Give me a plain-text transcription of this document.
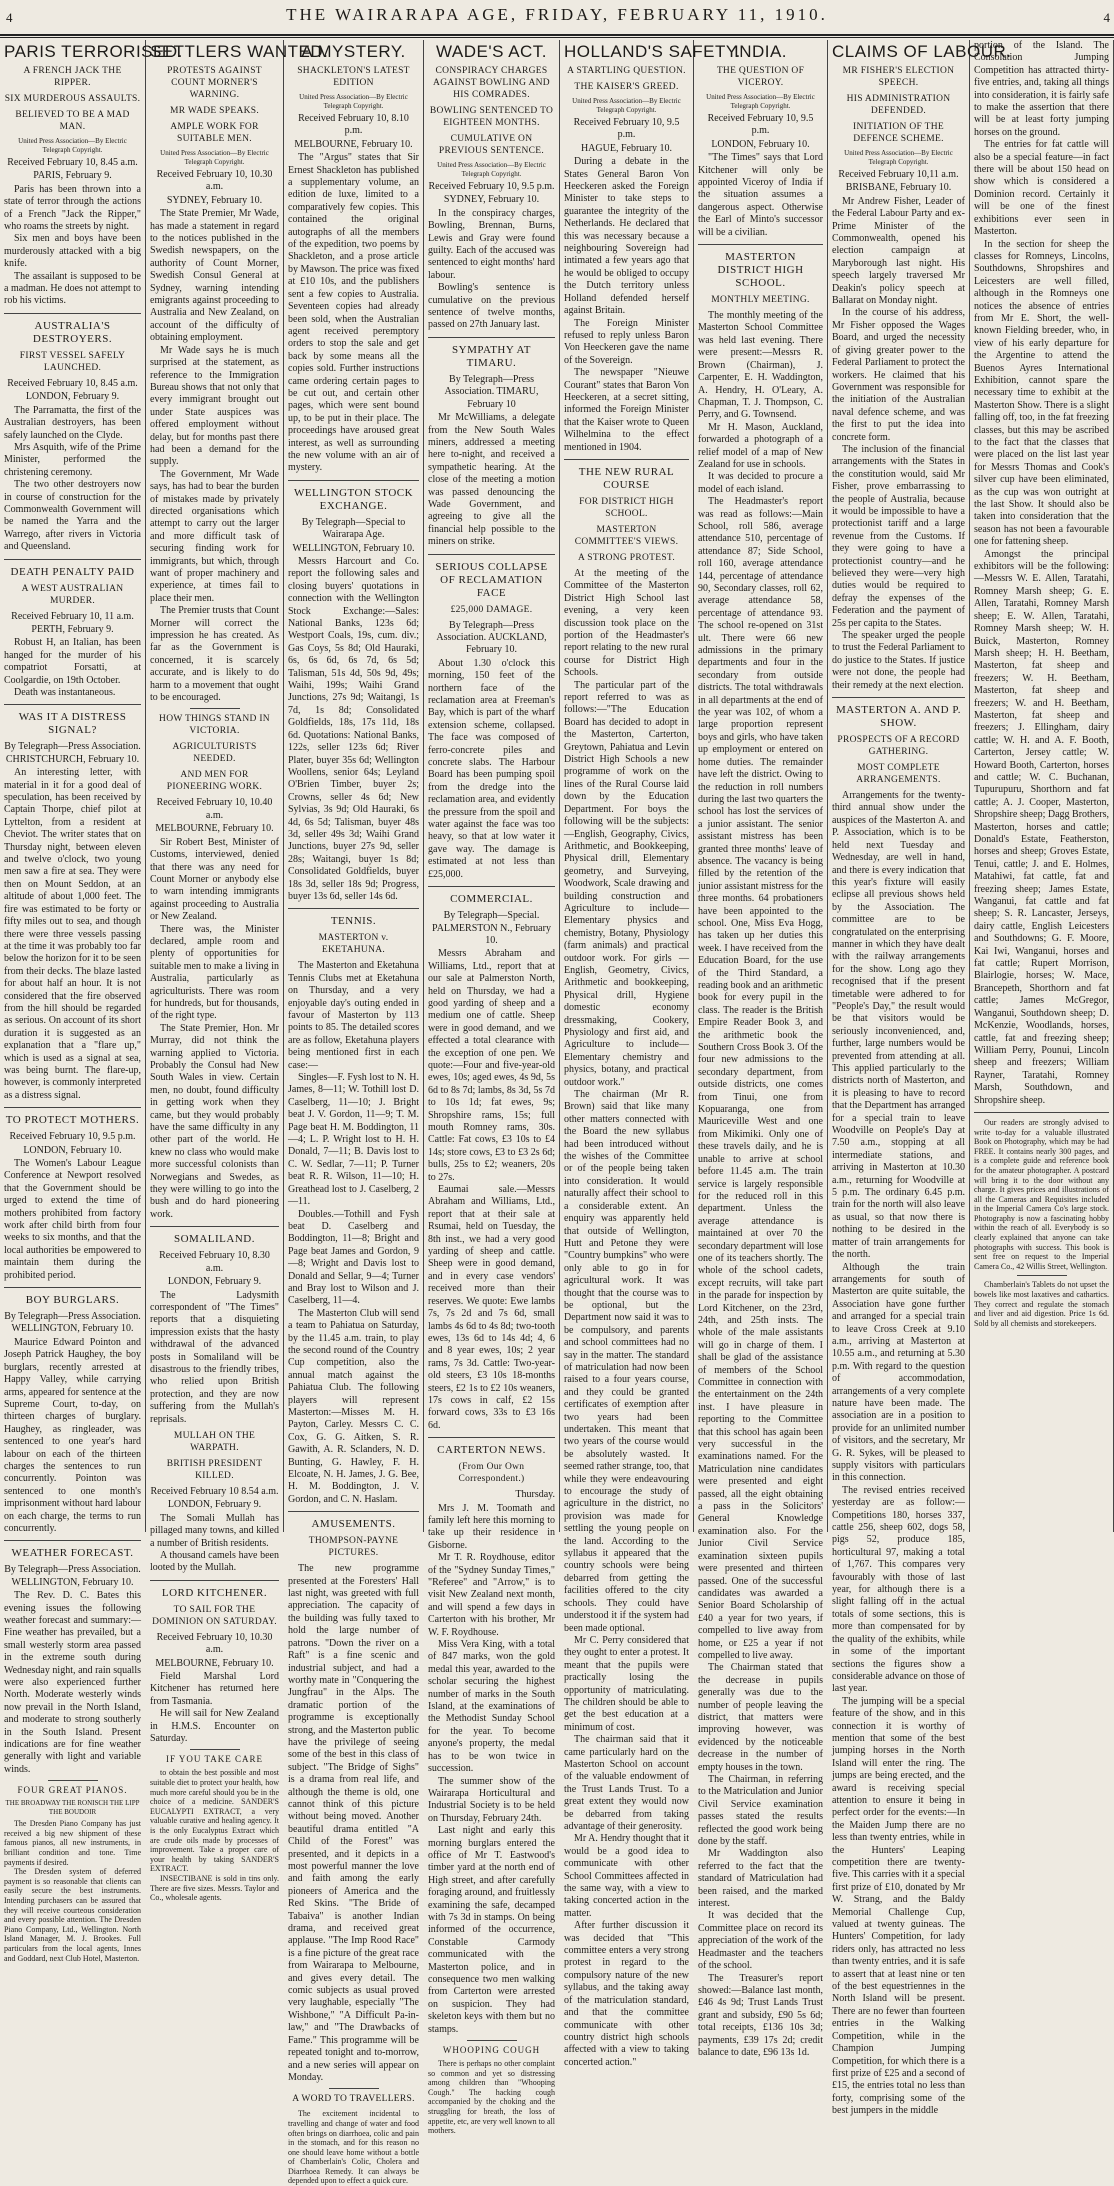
4	THE WAIRARAPA AGE, FRIDAY, FEBRUARY 11, 1910.	4
PARIS TERRORISED.
A FRENCH JACK THE RIPPER.
SIX MURDEROUS ASSAULTS.
BELIEVED TO BE A MAD MAN.
United Press Association—By Electric Telegraph Copyright.
Received February 10, 8.45 a.m.
PARIS, February 9.

Paris has been thrown into a state of terror through the actions of a French "Jack the Ripper," who roams the streets by night.

Six men and boys have been murderously attacked with a big knife.

The assailant is supposed to be a madman. He does not attempt to rob his victims.

AUSTRALIA'S DESTROYERS.
FIRST VESSEL SAFELY LAUNCHED.
Received February 10, 8.45 a.m.
LONDON, February 9.

The Parramatta, the first of the Australian destroyers, has been safely launched on the Clyde.

Mrs Asquith, wife of the Prime Minister, performed the christening ceremony.

The two other destroyers now in course of construction for the Commonwealth Government will be named the Yarra and the Warrego, after rivers in Victoria and Queensland.

DEATH PENALTY PAID
A WEST AUSTRALIAN MURDER.
Received February 10, 11 a.m.
PERTH, February 9.

Robust H, an Italian, has been hanged for the murder of his compatriot Forsatti, at Coolgardie, on 19th October.

Death was instantaneous.

WAS IT A DISTRESS SIGNAL?
By Telegraph—Press Association. CHRISTCHURCH, February 10.

An interesting letter, with material in it for a good deal of speculation, has been received by Captain Thorpe, chief pilot at Lyttelton, from a resident at Cheviot. The writer states that on Thursday night, between eleven and twelve o'clock, two young men saw a fire at sea. They were then on Mount Seddon, at an altitude of about 1,000 feet. The fire was estimated to be forty or fifty miles out to sea, and though there were three vessels passing at the time it was probably too far below the horizon for it to be seen from their decks. The blaze lasted for about half an hour. It is not considered that the fire observed from the hill should be regarded as serious. On account of its short duration it is suggested as an explanation that a "flare up," which is used as a signal at sea, was being burnt. The flare-up, however, is commonly interpreted as a distress signal.

TO PROTECT MOTHERS.
Received February 10, 9.5 p.m.
LONDON, February 10.

The Women's Labour League Conference at Newport resolved that the Government should be urged to extend the time of mothers prohibited from factory work after child birth from four weeks to six months, and that the local authorities be empowered to maintain them during the prohibited period.

BOY BURGLARS.
By Telegraph—Press Association. WELLINGTON, February 10.

Maurice Edward Pointon and Joseph Patrick Haughey, the boy burglars, recently arrested at Happy Valley, while carrying arms, appeared for sentence at the Supreme Court, to-day, on thirteen charges of burglary. Haughey, as ringleader, was sentenced to one year's hard labour on each of the thirteen charges the sentences to run concurrently. Pointon was sentenced to one month's imprisonment without hard labour on each charge, the terms to run concurrently.

WEATHER FORECAST.
By Telegraph—Press Association. WELLINGTON, February 10.

The Rev. D. C. Bates this evening issues the following weather forecast and summary:—Fine weather has prevailed, but a small westerly storm area passed in the extreme south during Wednesday night, and rain squalls were also experienced further North. Moderate westerly winds now prevail in the North Island, and moderate to strong southerly in the South Island. Present indications are for fine weather generally with light and variable winds.

FOUR GREAT PIANOS.
THE BROADWAY THE RONISCH THE LIPP THE BOUDOIR

The Dresden Piano Company has just received a big new shipment of these famous pianos, all new instruments, in brilliant condition and tone. Time payments if desired.

The Dresden system of deferred payment is so reasonable that clients can easily secure the best instruments. Intending purchasers can be assured that they will receive courteous consideration and every possible attention. The Dresden Piano Company, Ltd., Wellington. North Island Manager, M. J. Brookes. Full particulars from the local agents, Innes and Goddard, next Club Hotel, Masterton.

SETTLERS WANTED.
PROTESTS AGAINST COUNT MORNER'S WARNING.
MR WADE SPEAKS.
AMPLE WORK FOR SUITABLE MEN.
United Press Association—By Electric Telegraph Copyright.
Received February 10, 10.30 a.m.
SYDNEY, February 10.

The State Premier, Mr Wade, has made a statement in regard to the notices published in the Swedish newspapers, on the authority of Count Morner, Swedish Consul General at Sydney, warning intending emigrants against proceeding to Australia and New Zealand, on account of the difficulty of obtaining employment.

Mr Wade says he is much surprised at the statement, as reference to the Immigration Bureau shows that not only that every immigrant brought out under State auspices was offered employment without delay, but for months past there had been a demand for the supply.

The Government, Mr Wade says, has had to bear the burden of mistakes made by privately directed organisations which attempt to carry out the larger and more difficult task of securing finding work for immigrants, but which, through want of proper machinery and experience, at times fail to place their men.

The Premier trusts that Count Morner will correct the impression he has created. As far as the Government is concerned, it is scarcely accurate, and is likely to do harm to a movement that ought to be encouraged.

HOW THINGS STAND IN VICTORIA.
AGRICULTURISTS NEEDED.
AND MEN FOR PIONEERING WORK.
Received February 10, 10.40 a.m.
MELBOURNE, February 10.

Sir Robert Best, Minister of Customs, interviewed, denied that there was any need for Count Morner or anybody else to warn intending immigrants against proceeding to Australia or New Zealand.

There was, the Minister declared, ample room and plenty of opportunities for suitable men to make a living in Australia, particularly as agriculturists. There was room for hundreds, but for thousands, of the right type.

The State Premier, Hon. Mr Murray, did not think the warning applied to Victoria. Probably the Consul had New South Wales in view. Certain men, no doubt, found difficulty in getting work when they came, but they would probably have the same difficulty in any other part of the world. He knew no class who would make more successful colonists than Norwegians and Swedes, as they were willing to go into the bush and do hard pioneering work.

SOMALILAND.
Received February 10, 8.30 a.m.
LONDON, February 9.

The Ladysmith correspondent of "The Times" reports that a disquieting impression exists that the hasty withdrawal of the advanced posts in Somaliland will be disastrous to the friendly tribes, who relied upon British protection, and they are now suffering from the Mullah's reprisals.

MULLAH ON THE WARPATH.
BRITISH PRESIDENT KILLED.
Received February 10 8.54 a.m.
LONDON, February 9.

The Somali Mullah has pillaged many towns, and killed a number of British residents.

A thousand camels have been looted by the Mullah.

LORD KITCHENER.
TO SAIL FOR THE DOMINION ON SATURDAY.
Received February 10, 10.30 a.m.
MELBOURNE, February 10.

Field Marshal Lord Kitchener has returned here from Tasmania.

He will sail for New Zealand in H.M.S. Encounter on Saturday.

IF YOU TAKE CARE

to obtain the best possible and most suitable diet to protect your health, how much more careful should you be in the choice of a medicine. SANDER'S EUCALYPTI EXTRACT, a very valuable curative and healing agency. It is the only Eucalyptus Extract which are crude oils made by processes of improvement. Take a proper care of your health by taking SANDER'S EXTRACT.

INSECTIBANE is sold in tins only. There are five sizes. Messrs. Taylor and Co., wholesale agents.

A MYSTERY.
SHACKLETON'S LATEST EDITION
United Press Association—By Electric Telegraph Copyright.
Received February 10, 8.10 p.m.
MELBOURNE, February 10.

The "Argus" states that Sir Ernest Shackleton has published a supplementary volume, an edition de luxe, limited to a comparatively few copies. This contained the original autographs of all the members of the expedition, two poems by Shackleton, and a prose article by Mawson. The price was fixed at £10 10s, and the publishers sent a few copies to Australia. Seventeen copies had already been sold, when the Australian agent received peremptory orders to stop the sale and get back by some means all the copies sold. Further instructions came ordering certain pages to be cut out, and certain other pages, which were sent bound up, to be put in their place. The proceedings have aroused great interest, as well as surrounding the new volume with an air of mystery.

WELLINGTON STOCK EXCHANGE.
By Telegraph—Special to Wairarapa Age.
WELLINGTON, February 10.

Messrs Harcourt and Co. report the following sales and closing buyers' quotations in connection with the Wellington Stock Exchange:—Sales: National Banks, 123s 6d; Westport Coals, 19s, cum. div.; Gas Coys, 5s 8d; Old Hauraki, 6s, 6s 6d, 6s 7d, 6s 5d; Talisman, 51s 4d, 50s 9d, 49s; Waihi, 199s; Waihi Grand Junctions, 27s 9d; Waitangi, 1s 7d, 1s 8d; Consolidated Goldfields, 18s, 17s 11d, 18s 6d. Quotations: National Banks, 122s, seller 123s 6d; River Plater, buyer 35s 6d; Wellington Woollens, senior 64s; Leyland O'Brien Timber, buyer 2s; Crowns, seller 4s 6d; New Sylvias, 3s 9d; Old Hauraki, 6s 4d, 6s 5d; Talisman, buyer 48s 3d, seller 49s 3d; Waihi Grand Junctions, buyer 27s 9d, seller 28s; Waitangi, buyer 1s 8d; Consolidated Goldfields, buyer 18s 3d, seller 18s 9d; Progress, buyer 13s 6d, seller 14s 6d.

TENNIS.
MASTERTON v. EKETAHUNA.

The Masterton and Eketahuna Tennis Clubs met at Eketahuna on Thursday, and a very enjoyable day's outing ended in favour of Masterton by 113 points to 85. The detailed scores are as follow, Eketahuna players being mentioned first in each case:—

Singles—F. Fysh lost to N. H. James, 8—11; W. Tothill lost D. Caselberg, 11—10; J. Bright beat J. V. Gordon, 11—9; T. M. Page beat H. M. Boddington, 11—4; L. P. Wright lost to H. H. Donald, 7—11; B. Davis lost to C. W. Sedlar, 7—11; P. Turner beat R. R. Wilson, 11—10; H. Greathead lost to J. Caselberg, 2—11.

Doubles.—Tothill and Fysh beat D. Caselberg and Boddington, 11—8; Bright and Page beat James and Gordon, 9—8; Wright and Davis lost to Donald and Sellar, 9—4; Turner and Bray lost to Wilson and J. Caselberg, 11—4.

The Masterton Club will send a team to Pahiatua on Saturday, by the 11.45 a.m. train, to play the second round of the Country Cup competition, also the annual match against the Pahiatua Club. The following players will represent Masterton:—Misses M. H. Payton, Carley. Messrs C. C. Cox, G. G. Aitken, S. R. Gawith, A. R. Sclanders, N. D. Bunting, G. Hawley, F. H. Elcoate, N. H. James, J. G. Bee, H. M. Boddington, J. V. Gordon, and C. N. Haslam.

AMUSEMENTS.
THOMPSON-PAYNE PICTURES.

The new programme presented at the Foresters' Hall last night, was greeted with full appreciation. The capacity of the building was fully taxed to hold the large number of patrons. "Down the river on a Raft" is a fine scenic and industrial subject, and had a worthy mate in "Conquering the Jungfrau" in the Alps. The dramatic portion of the programme is exceptionally strong, and the Masterton public have the privilege of seeing some of the best in this class of subject. "The Bridge of Sighs" is a drama from real life, and although the theme is old, one cannot think of this picture without being moved. Another beautiful drama entitled "A Child of the Forest" was presented, and it depicts in a most powerful manner the love and faith among the early pioneers of America and the Red Skins. "The Bride of Tabaiva" is another Indian drama, and received great applause. "The Imp Rood Race" is a fine picture of the great race from Wairarapa to Melbourne, and gives every detail. The comic subjects as usual proved very laughable, especially "The Wishbone," "A Difficult Pa-in-law," and "The Drawbacks of Fame." This programme will be repeated tonight and to-morrow, and a new series will appear on Monday.

A WORD TO TRAVELLERS.

The excitement incidental to travelling and change of water and food often brings on diarrhoea, colic and pain in the stomach, and for this reason no one should leave home without a bottle of Chamberlain's Colic, Cholera and Diarrhoea Remedy. It can always be depended upon to effect a quick cure.

WADE'S ACT.
CONSPIRACY CHARGES AGAINST BOWLING AND HIS COMRADES.
BOWLING SENTENCED TO EIGHTEEN MONTHS.
CUMULATIVE ON PREVIOUS SENTENCE.
United Press Association—By Electric Telegraph Copyright.
Received February 10, 9.5 p.m.
SYDNEY, February 10.

In the conspiracy charges, Bowling, Brennan, Burns, Lewis and Gray were found guilty. Each of the accused was sentenced to eight months' hard labour.

Bowling's sentence is cumulative on the previous sentence of twelve months, passed on 27th January last.

SYMPATHY AT TIMARU.
By Telegraph—Press Association. TIMARU, February 10

Mr McWilliams, a delegate from the New South Wales miners, addressed a meeting here to-night, and received a sympathetic hearing. At the close of the meeting a motion was passed denouncing the Wade Government, and agreeing to give all the financial help possible to the miners on strike.

SERIOUS COLLAPSE OF RECLAMATION FACE
£25,000 DAMAGE.
By Telegraph—Press Association. AUCKLAND, February 10.

About 1.30 o'clock this morning, 150 feet of the northern face of the reclamation area at Freeman's Bay, which is part of the wharf extension scheme, collapsed. The face was composed of ferro-concrete piles and concrete slabs. The Harbour Board has been pumping spoil from the dredge into the reclamation area, and evidently the pressure from the spoil and water against the face was too heavy, so that at low water it gave way. The damage is estimated at not less than £25,000.

COMMERCIAL.
By Telegraph—Special. PALMERSTON N., February 10.

Messrs Abraham and Williams, Ltd., report that at our sale at Palmerston North, held on Thursday, we had a good yarding of sheep and a medium one of cattle. Sheep were in good demand, and we effected a total clearance with the exception of one pen. We quote:—Four and five-year-old ewes, 10s; aged ewes, 4s 9d, 5s 6d to 8s 7d; lambs, 8s 3d, 5s 7d to 10s 1d; fat ewes, 9s; Shropshire rams, 15s; full mouth Romney rams, 30s. Cattle: Fat cows, £3 10s to £4 14s; store cows, £3 to £3 2s 6d; bulls, 25s to £2; weaners, 20s to 27s.

Eaumai sale.—Messrs Abraham and Williams, Ltd., report that at their sale at Rsumai, held on Tuesday, the 8th inst., we had a very good yarding of sheep and cattle. Sheep were in good demand, and in every case vendors' received more than their reserves. We quote: Ewe lambs 7s, 7s 2d and 7s 6d, small lambs 4s 6d to 4s 8d; two-tooth ewes, 13s 6d to 14s 4d; 4, 6 and 8 year ewes, 10s; 2 year rams, 7s 3d. Cattle: Two-year-old steers, £3 10s 18-months steers, £2 1s to £2 10s weaners, 17s cows in calf, £2 15s forward cows, 33s to £3 16s 6d.

CARTERTON NEWS.
(From Our Own Correspondent.)
Thursday.

Mrs J. M. Toomath and family left here this morning to take up their residence in Gisborne.

Mr T. R. Roydhouse, editor of the "Sydney Sunday Times," "Referee" and "Arrow," is to visit New Zealand next month, and will spend a few days in Carterton with his brother, Mr W. F. Roydhouse.

Miss Vera King, with a total of 847 marks, won the gold medal this year, awarded to the scholar securing the highest number of marks in the South Island, at the examinations of the Methodist Sunday School for the year. To become anyone's property, the medal has to be won twice in succession.

The summer show of the Wairarapa Horticultural and Industrial Society is to be held on Thursday, February 24th.

Last night and early this morning burglars entered the office of Mr T. Eastwood's timber yard at the north end of High street, and after carefully foraging around, and fruitlessly examining the safe, decamped with 7s 3d in stamps. On being informed of the occurrence, Constable Carmody communicated with the Masterton police, and in consequence two men walking from Carterton were arrested on suspicion. They had skeleton keys with them but no stamps.

WHOOPING COUGH

There is perhaps no other complaint so common and yet so distressing among children than "Whooping Cough." The hacking cough accompanied by the choking and the struggling for breath, the loss of appetite, etc, are very well known to all mothers.

HOLLAND'S SAFETY.
A STARTLING QUESTION.
THE KAISER'S GREED.
United Press Association—By Electric Telegraph Copyright.
Received February 10, 9.5 p.m.
HAGUE, February 10.

During a debate in the States General Baron Von Heeckeren asked the Foreign Minister to take steps to guarantee the integrity of the Netherlands. He declared that this was necessary because a neighbouring Sovereign had intimated a few years ago that he would be obliged to occupy the Dutch territory unless Holland defended herself against Britain.

The Foreign Minister refused to reply unless Baron Von Heeckeren gave the name of the Sovereign.

The newspaper "Nieuwe Courant" states that Baron Von Heeckeren, at a secret sitting, informed the Foreign Minister that the Kaiser wrote to Queen Wilhelmina to the effect mentioned in 1904.

THE NEW RURAL COURSE
FOR DISTRICT HIGH SCHOOL.
MASTERTON COMMITTEE'S VIEWS.
A STRONG PROTEST.

At the meeting of the Committee of the Masterton District High School last evening, a very keen discussion took place on the portion of the Headmaster's report relating to the new rural course for District High Schools.

The particular part of the report referred to was as follows:—"The Education Board has decided to adopt in the Masterton, Carterton, Greytown, Pahiatua and Levin District High Schools a new programme of work on the lines of the Rural Course laid down by the Education Department. For boys the following will be the subjects:—English, Geography, Civics, Arithmetic, and Bookkeeping, Physical drill, Elementary geometry, and Surveying, Woodwork, Scale drawing and building construction and Agriculture to include—Elementary physics and chemistry, Botany, Physiology (farm animals) and practical outdoor work. For girls —English, Geometry, Civics, Arithmetic and bookkeeping, Physical drill, Hygiene domestic economy dressmaking, Cookery, Physiology and first aid, and Agriculture to include—Elementary chemistry and physics, botany, and practical outdoor work."

The chairman (Mr R. Brown) said that like many other matters connected with the Board the new syllabus had been introduced without the wishes of the Committee or of the people being taken into consideration. It would naturally affect their school to a considerable extent. An enquiry was apparently held that outside of Wellington, Hutt and Petone they were "Country bumpkins" who were only able to go in for agricultural work. It was thought that the course was to be optional, but the Department now said it was to be compulsory, and parents and school committees had no say in the matter. The standard of matriculation had now been raised to a four years course, and they could be granted certificates of exemption after two years had been undertaken. This meant that two years of the course would be absolutely wasted. It seemed rather strange, too, that while they were endeavouring to encourage the study of agriculture in the district, no provision was made for settling the young people on the land. According to the syllabus it appeared that the country schools were being debarred from getting the facilities offered to the city schools. They could have understood it if the system had been made optional.

Mr C. Perry considered that they ought to enter a protest. It meant that the pupils were practically losing the opportunity of matriculating. The children should be able to get the best education at a minimum of cost.

The chairman said that it came particularly hard on the Masterton School on account of the valuable endowment of the Trust Lands Trust. To a great extent they would now be debarred from taking advantage of their generosity.

Mr A. Hendry thought that it would be a good idea to communicate with other School Committees affected in the same way, with a view to taking concerted action in the matter.

After further discussion it was decided that "This committee enters a very strong protest in regard to the compulsory nature of the new syllabus, and the taking away of the matriculation standard, and that the committee communicate with other country district high schools affected with a view to taking concerted action."

INDIA.
THE QUESTION OF VICEROY.
United Press Association—By Electric Telegraph Copyright.
Received February 10, 9.5 p.m.
LONDON, February 10.

"The Times" says that Lord Kitchener will only be appointed Viceroy of India if the situation assumes a dangerous aspect. Otherwise the Earl of Minto's successor will be a civilian.

MASTERTON DISTRICT HIGH SCHOOL.
MONTHLY MEETING.

The monthly meeting of the Masterton School Committee was held last evening. There were present:—Messrs R. Brown (Chairman), J. Carpenter, E. H. Waddington, A. Hendry, H. O'Leary, A. Chapman, T. J. Thompson, C. Perry, and G. Townsend.

Mr H. Mason, Auckland, forwarded a photograph of a relief model of a map of New Zealand for use in schools.

It was decided to procure a model of each island.

The Headmaster's report was read as follows:—Main School, roll 586, average attendance 510, percentage of attendance 87; Side School, roll 160, average attendance 144, percentage of attendance 90, Secondary classes, roll 62, average attendance 58, percentage of attendance 93. The school re-opened on 31st ult. There were 66 new admissions in the primary departments and four in the secondary from outside districts. The total withdrawals in all departments at the end of the year was 102, of whom a large proportion represent boys and girls, who have taken up employment or entered on home duties. The remainder have left the district. Owing to the reduction in roll numbers during the last two quarters the school has lost the services of a junior assistant. The senior assistant mistress has been granted three months' leave of absence. The vacancy is being filled by the retention of the junior assistant mistress for the three months. 64 probationers have been appointed to the school. One, Miss Eva Hogg, has taken up her duties this week. I have received from the Education Board, for the use of the Third Standard, a reading book and an arithmetic book for every pupil in the class. The reader is the British Empire Reader Book 3, and the arithmetic book the Southern Cross Book 3. Of the four new admissions to the secondary department, from outside districts, one comes from Tinui, one from Kopuaranga, one from Mauriceville West and one from Mikimiki. Only one of these travels daily, and he is unable to arrive at school before 11.45 a.m. The train service is largely responsible for the reduced roll in this department. Unless the average attendance is maintained at over 70 the secondary department will lose one of its teachers shortly. The whole of the school cadets, except recruits, will take part in the parade for inspection by Lord Kitchener, on the 23rd, 24th, and 25th insts. The whole of the male assistants will go in charge of them. I shall be glad of the assistance of members of the School Committee in connection with the entertainment on the 24th inst. I have pleasure in reporting to the Committee that this school has again been very successful in the examinations named. For the Matriculation nine candidates were presented and eight passed, all the eight obtaining a pass in the Solicitors' General Knowledge examination also. For the Junior Civil Service examination sixteen pupils were presented and thirteen passed. One of the successful candidates was awarded a Senior Board Scholarship of £40 a year for two years, if compelled to live away from home, or £25 a year if not compelled to live away.

The Chairman stated that the decrease in pupils generally was due to the number of people leaving the district, that matters were improving however, was evidenced by the noticeable decrease in the number of empty houses in the town.

The Chairman, in referring to the Matriculation and Junior Civil Service examination passes stated the results reflected the good work being done by the staff.

Mr Waddington also referred to the fact that the standard of Matriculation had been raised, and the marked interest.

It was decided that the Committee place on record its appreciation of the work of the Headmaster and the teachers of the school.

The Treasurer's report showed:—Balance last month, £46 4s 9d; Trust Lands Trust grant and subsidy, £90 5s 6d; total receipts, £136 10s 3d; payments, £39 17s 2d; credit balance to date, £96 13s 1d.

CLAIMS OF LABOUR.
MR FISHER'S ELECTION SPEECH.
HIS ADMINISTRATION DEFENDED.
INITIATION OF THE DEFENCE SCHEME.
United Press Association—By Electric Telegraph Copyright.
Received February 10,11 a.m.
BRISBANE, February 10.

Mr Andrew Fisher, Leader of the Federal Labour Party and ex-Prime Minister of the Commonwealth, opened his election campaign at Maryborough last night. His speech largely traversed Mr Deakin's policy speech at Ballarat on Monday night.

In the course of his address, Mr Fisher opposed the Wages Board, and urged the necessity of giving greater power to the Federal Parliament to protect the workers. He claimed that his Government was responsible for the initiation of the Australian naval defence scheme, and was the first to put the idea into concrete form.

The inclusion of the financial arrangements with the States in the constitution would, said Mr Fisher, prove embarrassing to the people of Australia, because it would be impossible to have a protectionist tariff and a large revenue from the Customs. If they were going to have a protectionist country—and he believed they were—very high duties would be required to defray the expenses of the Federation and the payment of 25s per capita to the States.

The speaker urged the people to trust the Federal Parliament to do justice to the States. If justice were not done, the people had their remedy at the next election.

MASTERTON A. AND P. SHOW.
PROSPECTS OF A RECORD GATHERING.
MOST COMPLETE ARRANGEMENTS.

Arrangements for the twenty-third annual show under the auspices of the Masterton A. and P. Association, which is to be held next Tuesday and Wednesday, are well in hand, and there is every indication that this year's fixture will easily eclipse all previous shows held by the Association. The committee are to be congratulated on the enterprising manner in which they have dealt with the railway arrangements for the show. Long ago they recognised that if the present timetable were adhered to for "People's Day," the result would be that visitors would be seriously inconvenienced, and, further, large numbers would be prevented from attending at all. This applied particularly to the districts north of Masterton, and it is pleasing to have to record that the Department has arranged for a special train to leave Woodville on People's Day at 7.50 a.m., stopping at all intermediate stations, and arriving in Masterton at 10.30 a.m., returning for Woodville at 5 p.m. The ordinary 6.45 p.m. train for the north will also leave as usual, so that now there is nothing to be desired in the matter of train arrangements for the north.

Although the train arrangements for south of Masterton are quite suitable, the Association have gone further and arranged for a special train to leave Cross Creek at 9.10 a.m., arriving at Masterton at 10.55 a.m., and returning at 5.30 p.m. With regard to the question of accommodation, arrangements of a very complete nature have been made. The association are in a position to provide for an unlimited number of visitors, and the secretary, Mr G. R. Sykes, will be pleased to supply visitors with particulars in this connection.

The revised entries received yesterday are as follow:—Competitions 180, horses 337, cattle 256, sheep 602, dogs 58, pigs 52, produce 185, horticultural 97, making a total of 1,767. This compares very favourably with those of last year, for although there is a slight falling off in the actual totals of some sections, this is more than compensated for by the quality of the exhibits, while in some of the important sections the figures show a considerable advance on those of last year.

The jumping will be a special feature of the show, and in this connection it is worthy of mention that some of the best jumping horses in the North Island will enter the ring. The jumps are being erected, and the award is receiving special attention to ensure it being in perfect order for the events:—In the Maiden Jump there are no less than twenty entries, while in the Hunters' Leaping competition there are twenty-five. This carries with it a special first prize of £10, donated by Mr W. Strang, and the Baldy Memorial Challenge Cup, valued at twenty guineas. The Hunters' Competition, for lady riders only, has attracted no less than twenty entries, and it is safe to assert that at least nine or ten of the best equestriennes in the North Island will be present. There are no fewer than fourteen entries in the Walking Competition, while in the Champion Jumping Competition, for which there is a first prize of £25 and a second of £15, the entries total no less than forty, comprising some of the best jumpers in the middle

portion of the Island. The Consolation Jumping Competition has attracted thirty-five entries, and, taking all things into consideration, it is fairly safe to make the assertion that there will be at least forty jumping horses on the ground.

The entries for fat cattle will also be a special feature—in fact there will be about 150 head on show which is considered a Dominion record. Certainly it will be one of the finest exhibitions ever seen in Masterton.

In the section for sheep the classes for Romneys, Lincolns, Southdowns, Shropshires and Leicesters are well filled, although in the Romneys one notices the absence of entries from Mr E. Short, the well-known Fielding breeder, who, in view of his early departure for the Argentine to attend the Buenos Ayres International Exhibition, cannot spare the necessary time to exhibit at the Masterton Show. There is a slight falling off, too, in the fat freezing classes, but this may be ascribed to the fact that the classes that were placed on the list last year for Messrs Thomas and Cook's silver cup have been eliminated, as the cup was won outright at the last Show. It should also be taken into consideration that the season has not been a favourable one for fattening sheep.

Amongst the principal exhibitors will be the following:—Messrs W. E. Allen, Taratahi, Romney Marsh sheep; G. E. Allen, Taratahi, Romney Marsh sheep; E. W. Allen, Taratahi, Romney Marsh sheep; W. H. Buick, Masterton, Romney Marsh sheep; H. H. Beetham, Masterton, fat sheep and freezers; W. H. Beetham, Masterton, fat sheep and freezers; W. and H. Beetham, Masterton, fat sheep and freezers; J. Ellingham, dairy cattle; W. H. and A. F. Booth, Carterton, Jersey cattle; W. Howard Booth, Carterton, horses and cattle; W. C. Buchanan, Tupurupuru, Shorthorn and fat cattle; A. J. Cooper, Masterton, Shropshire sheep; Dagg Brothers, Masterton, horses and cattle; Donald's Estate, Featherston, horses and sheep; Groves Estate, Tenui, cattle; J. and E. Holmes, Matahiwi, fat cattle, fat and freezing sheep; James Estate, Wanganui, fat cattle and fat sheep; S. R. Lancaster, Jerseys, dairy cattle, English Leicesters and Southdowns; G. F. Moore, Kai Iwi, Wanganui, horses and fat cattle; Rupert Morrison, Blairlogie, horses; W. Mace, Brancepeth, Shorthorn and fat cattle; James McGregor, Wanganui, Southdown sheep; D. McKenzie, Woodlands, horses, cattle, fat and freezing sheep; William Perry, Pounui, Lincoln sheep and freezers; William Rayner, Taratahi, Romney Marsh, Southdown, and Shropshire sheep.

Our readers are strongly advised to write to-day for a valuable illustrated Book on Photography, which may be had FREE. It contains nearly 300 pages, and is a complete guide and reference book for the amateur photographer. A postcard will bring it to the door without any charge. It gives prices and illustrations of all the Cameras and Requisites included in the Imperial Camera Co's large stock. Photography is now a fascinating hobby within the reach of all. Everybody is so clearly explained that anyone can take photographs with success. This book is sent free on request to the Imperial Camera Co., 42 Willis Street, Wellington.

Chamberlain's Tablets do not upset the bowels like most laxatives and cathartics. They correct and regulate the stomach and liver and aid digestion. Price 1s 6d. Sold by all chemists and storekeepers.
